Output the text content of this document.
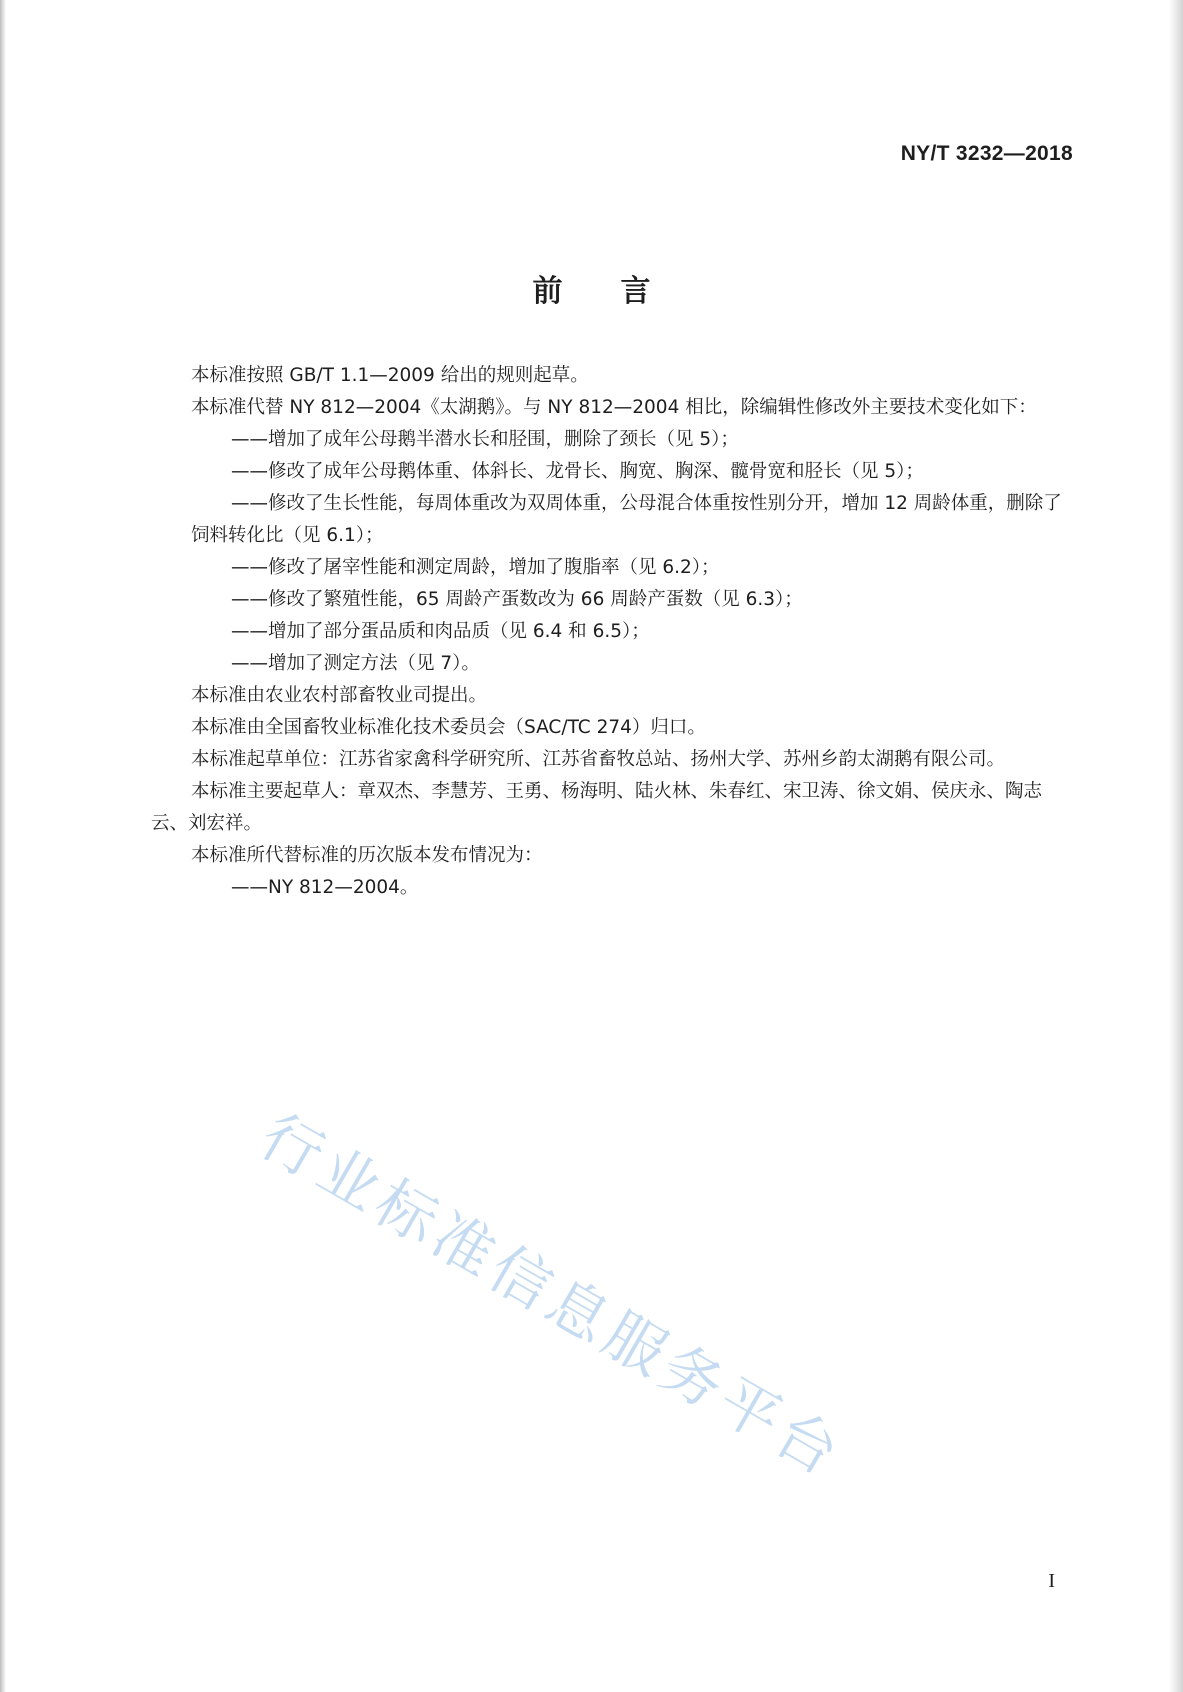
NY/T 3232—2018
前言

本标准按照 GB/T 1.1—2009 给出的规则起草。

本标准代替 NY 812—2004《太湖鹅》。与 NY 812—2004 相比，除编辑性修改外主要技术变化如下：

——增加了成年公母鹅半潜水长和胫围，删除了颈长（见 5）；

——修改了成年公母鹅体重、体斜长、龙骨长、胸宽、胸深、髋骨宽和胫长（见 5）；

——修改了生长性能，每周体重改为双周体重，公母混合体重按性别分开，增加 12 周龄体重，删除了饲料转化比（见 6.1）；

——修改了屠宰性能和测定周龄，增加了腹脂率（见 6.2）；

——修改了繁殖性能，65 周龄产蛋数改为 66 周龄产蛋数（见 6.3）；

——增加了部分蛋品质和肉品质（见 6.4 和 6.5）；

——增加了测定方法（见 7）。

本标准由农业农村部畜牧业司提出。

本标准由全国畜牧业标准化技术委员会（SAC/TC 274）归口。

本标准起草单位：江苏省家禽科学研究所、江苏省畜牧总站、扬州大学、苏州乡韵太湖鹅有限公司。

本标准主要起草人：章双杰、李慧芳、王勇、杨海明、陆火林、朱春红、宋卫涛、徐文娟、侯庆永、陶志云、刘宏祥。

本标准所代替标准的历次版本发布情况为：

——NY 812—2004。

行业标准信息服务平台
I
